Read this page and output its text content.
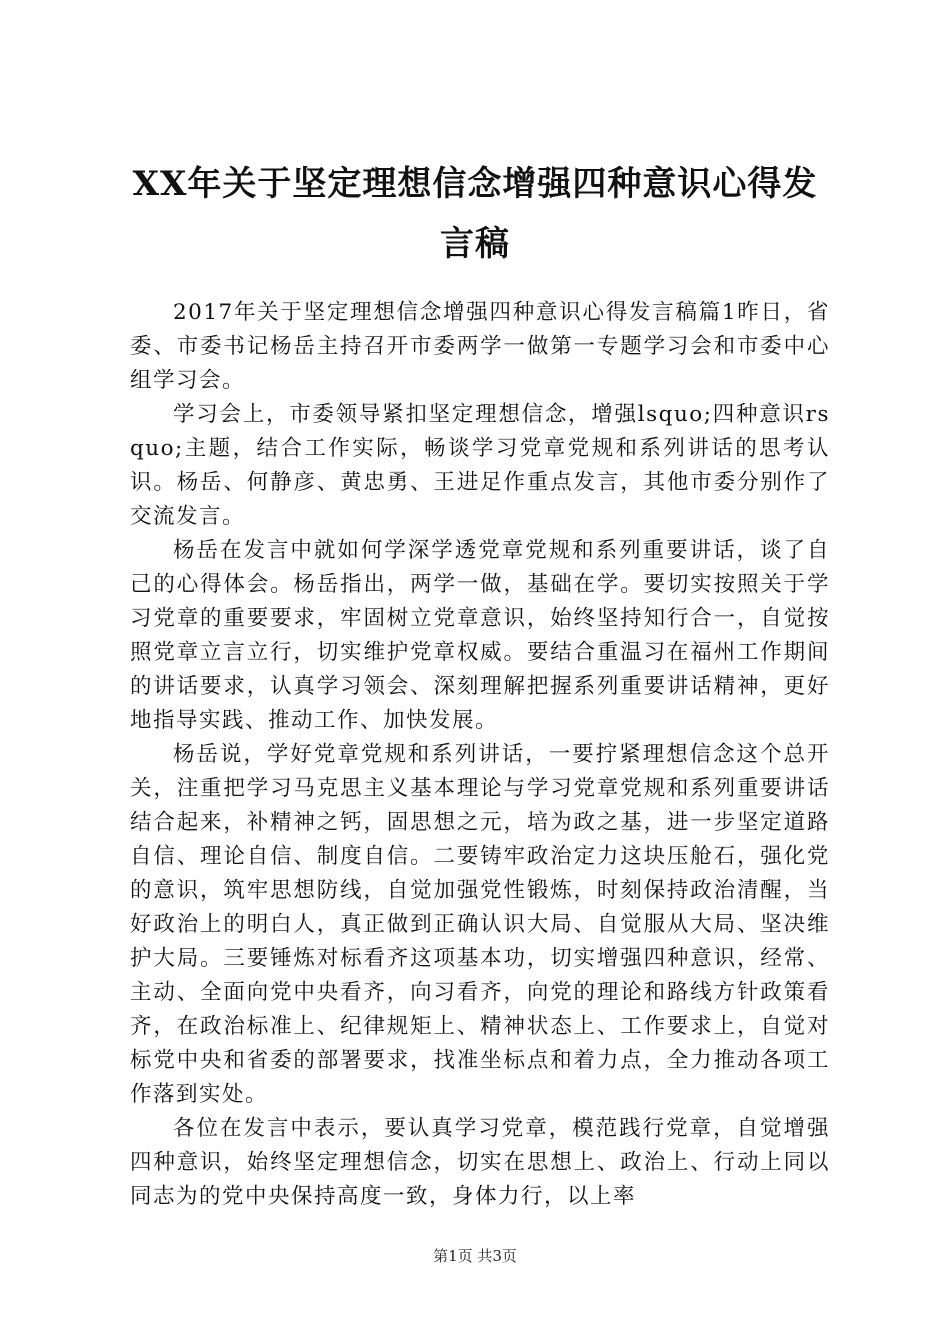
XX年关于坚定理想信念增强四种意识心得发言稿

2017年关于坚定理想信念增强四种意识心得发言稿篇1昨日，省委、市委书记杨岳主持召开市委两学一做第一专题学习会和市委中心组学习会。

学习会上，市委领导紧扣坚定理想信念，增强lsquo;四种意识rsquo;主题，结合工作实际，畅谈学习党章党规和系列讲话的思考认识。杨岳、何静彦、黄忠勇、王进足作重点发言，其他市委分别作了交流发言。

杨岳在发言中就如何学深学透党章党规和系列重要讲话，谈了自己的心得体会。杨岳指出，两学一做，基础在学。要切实按照关于学习党章的重要要求，牢固树立党章意识，始终坚持知行合一，自觉按照党章立言立行，切实维护党章权威。要结合重温习在福州工作期间的讲话要求，认真学习领会、深刻理解把握系列重要讲话精神，更好地指导实践、推动工作、加快发展。

杨岳说，学好党章党规和系列讲话，一要拧紧理想信念这个总开关，注重把学习马克思主义基本理论与学习党章党规和系列重要讲话结合起来，补精神之钙，固思想之元，培为政之基，进一步坚定道路自信、理论自信、制度自信。二要铸牢政治定力这块压舱石，强化党的意识，筑牢思想防线，自觉加强党性锻炼，时刻保持政治清醒，当好政治上的明白人，真正做到正确认识大局、自觉服从大局、坚决维护大局。三要锤炼对标看齐这项基本功，切实增强四种意识，经常、主动、全面向党中央看齐，向习看齐，向党的理论和路线方针政策看齐，在政治标准上、纪律规矩上、精神状态上、工作要求上，自觉对标党中央和省委的部署要求，找准坐标点和着力点，全力推动各项工作落到实处。

各位在发言中表示，要认真学习党章，模范践行党章，自觉增强四种意识，始终坚定理想信念，切实在思想上、政治上、行动上同以同志为的党中央保持高度一致，身体力行，以上率

第1页 共3页
